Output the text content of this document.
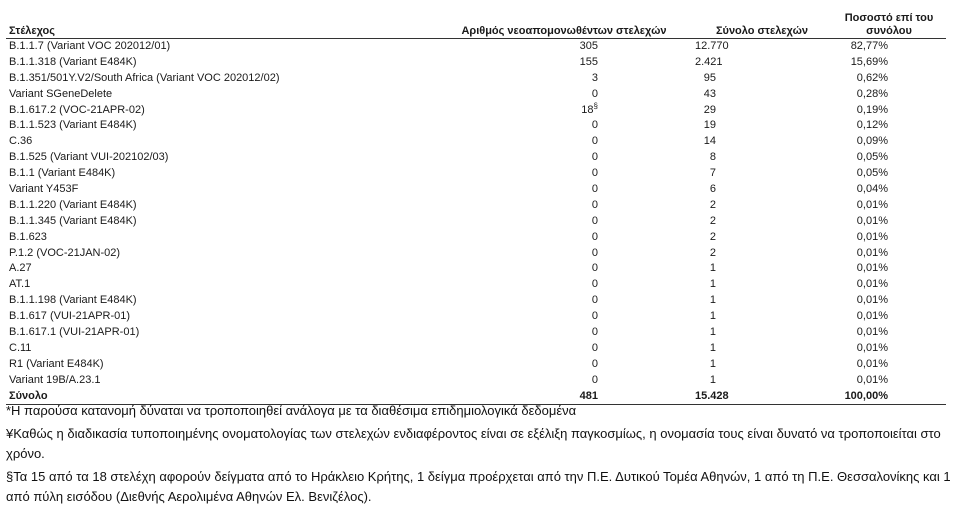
Στέλεχος	Αριθμός νεοαπομονωθέντων στελεχών	Σύνολο στελεχών	Ποσοστό επί του συνόλου
B.1.1.7 (Variant VOC 202012/01)	305	12.770	82,77%
B.1.1.318 (Variant E484K)	155	2.421	15,69%
B.1.351/501Y.V2/South Africa (Variant VOC 202012/02)	3	95	0,62%
Variant SGeneDelete	0	43	0,28%
B.1.617.2 (VOC-21APR-02)	18§	29	0,19%
B.1.1.523 (Variant E484K)	0	19	0,12%
C.36	0	14	0,09%
B.1.525 (Variant VUI-202102/03)	0	8	0,05%
B.1.1 (Variant E484K)	0	7	0,05%
Variant Y453F	0	6	0,04%
B.1.1.220 (Variant E484K)	0	2	0,01%
B.1.1.345 (Variant E484K)	0	2	0,01%
B.1.623	0	2	0,01%
P.1.2 (VOC-21JAN-02)	0	2	0,01%
A.27	0	1	0,01%
AT.1	0	1	0,01%
B.1.1.198 (Variant E484K)	0	1	0,01%
B.1.617 (VUI-21APR-01)	0	1	0,01%
B.1.617.1 (VUI-21APR-01)	0	1	0,01%
C.11	0	1	0,01%
R1 (Variant E484K)	0	1	0,01%
Variant 19B/A.23.1	0	1	0,01%
Σύνολο	481	15.428	100,00%

*Η παρούσα κατανομή δύναται να τροποποιηθεί ανάλογα με τα διαθέσιμα επιδημιολογικά δεδομένα

¥Καθώς η διαδικασία τυποποιημένης ονοματολογίας των στελεχών ενδιαφέροντος είναι σε εξέλιξη παγκοσμίως, η ονομασία τους είναι δυνατό να τροποποιείται στο χρόνο.

§Τα 15 από τα 18 στελέχη αφορούν δείγματα από το Ηράκλειο Κρήτης, 1 δείγμα προέρχεται από την Π.Ε. Δυτικού Τομέα Αθηνών, 1 από τη Π.Ε. Θεσσαλονίκης και 1 από πύλη εισόδου (Διεθνής Αερολιμένα Αθηνών Ελ. Βενιζέλος).
